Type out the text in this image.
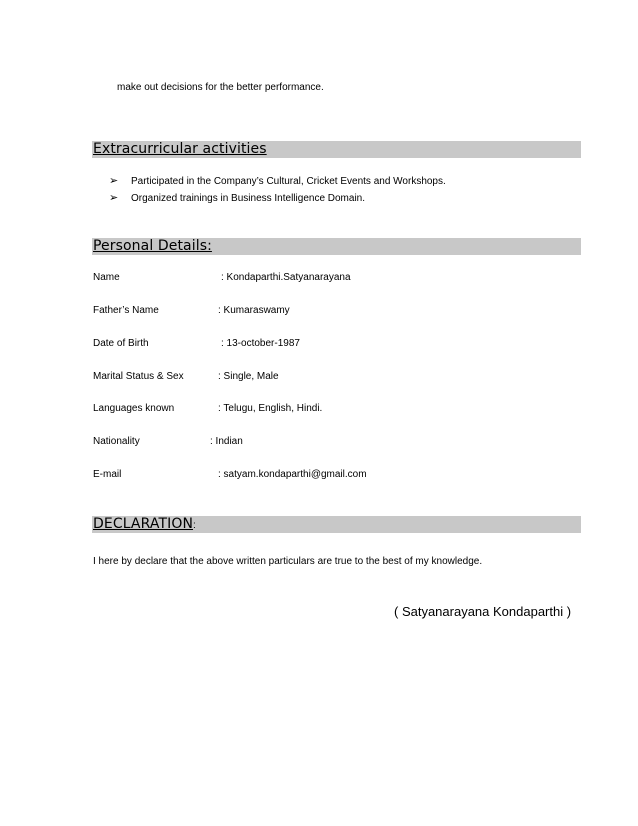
make out decisions for the better performance.
Extracurricular activities
➢ Participated in the Company’s Cultural, Cricket Events and Workshops.
➢ Organized trainings in Business Intelligence Domain.
Personal Details:
Name	: Kondaparthi.Satyanarayana
Father’s Name	: Kumaraswamy
Date of Birth	: 13-october-1987
Marital Status & Sex	: Single, Male
Languages known	: Telugu, English, Hindi.
Nationality	: Indian
E-mail	: satyam.kondaparthi@gmail.com
DECLARATION:
I here by declare that the above written particulars are true to the best of my knowledge.
( Satyanarayana Kondaparthi )
